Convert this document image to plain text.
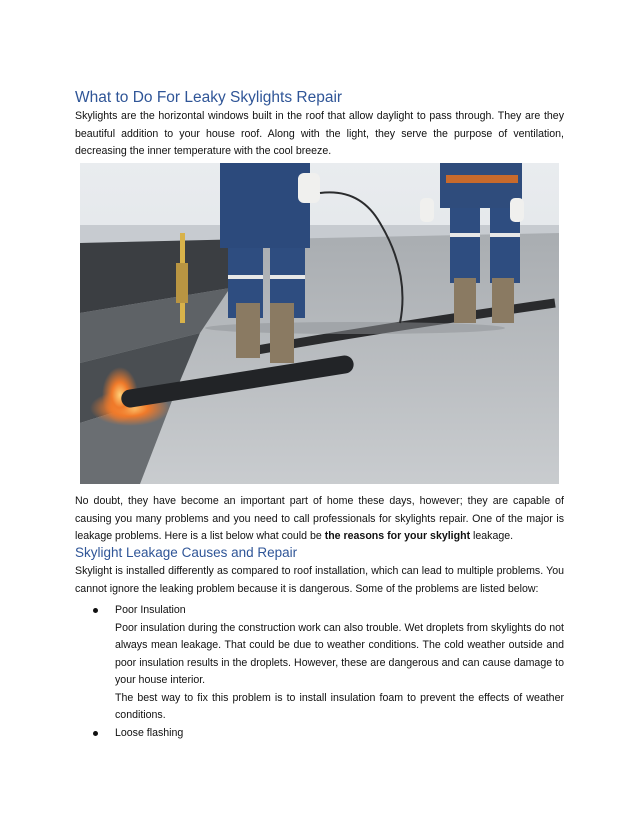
What to Do For Leaky Skylights Repair
Skylights are the horizontal windows built in the roof that allow daylight to pass through. They are they beautiful addition to your house roof. Along with the light, they serve the purpose of ventilation, decreasing the inner temperature with the cool breeze.
No doubt, they have become an important part of home these days, however; they are capable of causing you many problems and you need to call professionals for skylights repair. One of the major is leakage problems. Here is a list below what could be the reasons for your skylight leakage.
Skylight Leakage Causes and Repair
Skylight is installed differently as compared to roof installation, which can lead to multiple problems. You cannot ignore the leaking problem because it is dangerous. Some of the problems are listed below:
Poor Insulation
Poor insulation during the construction work can also trouble. Wet droplets from skylights do not always mean leakage. That could be due to weather conditions. The cold weather outside and poor insulation results in the droplets. However, these are dangerous and can cause damage to your house interior.
The best way to fix this problem is to install insulation foam to prevent the effects of weather conditions.
Loose flashing
